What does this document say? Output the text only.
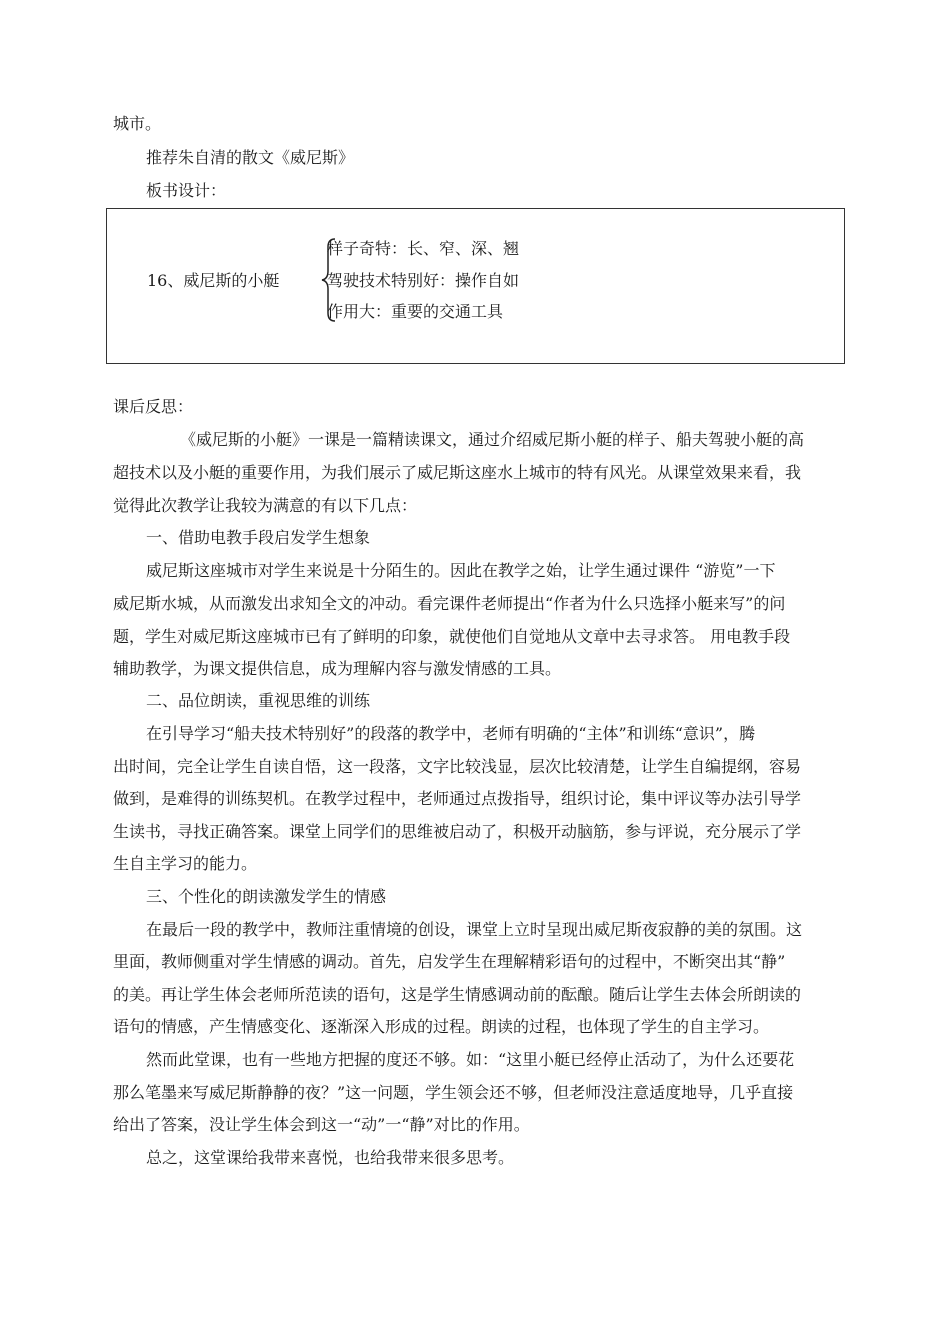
城市。
推荐朱自清的散文《威尼斯》
板书设计：
16、威尼斯的小艇
样子奇特：长、窄、深、翘
驾驶技术特别好：操作自如
作用大：重要的交通工具
课后反思：
《威尼斯的小艇》一课是一篇精读课文，通过介绍威尼斯小艇的样子、船夫驾驶小艇的高
超技术以及小艇的重要作用，为我们展示了威尼斯这座水上城市的特有风光。从课堂效果来看，我
觉得此次教学让我较为满意的有以下几点：
一、借助电教手段启发学生想象
威尼斯这座城市对学生来说是十分陌生的。因此在教学之始，让学生通过课件 “游览”一下
威尼斯水城，从而激发出求知全文的冲动。看完课件老师提出“作者为什么只选择小艇来写”的问
题，学生对威尼斯这座城市已有了鲜明的印象，就使他们自觉地从文章中去寻求答。 用电教手段
辅助教学，为课文提供信息，成为理解内容与激发情感的工具。
二、品位朗读，重视思维的训练
在引导学习“船夫技术特别好”的段落的教学中，老师有明确的“主体”和训练“意识”，腾
出时间，完全让学生自读自悟，这一段落，文字比较浅显，层次比较清楚，让学生自编提纲，容易
做到，是难得的训练契机。在教学过程中，老师通过点拨指导，组织讨论，集中评议等办法引导学
生读书，寻找正确答案。课堂上同学们的思维被启动了，积极开动脑筋，参与评说，充分展示了学
生自主学习的能力。
三、个性化的朗读激发学生的情感
在最后一段的教学中，教师注重情境的创设，课堂上立时呈现出威尼斯夜寂静的美的氛围。这
里面，教师侧重对学生情感的调动。首先，启发学生在理解精彩语句的过程中，不断突出其“静”
的美。再让学生体会老师所范读的语句，这是学生情感调动前的酝酿。随后让学生去体会所朗读的
语句的情感，产生情感变化、逐渐深入形成的过程。朗读的过程，也体现了学生的自主学习。
然而此堂课，也有一些地方把握的度还不够。如：“这里小艇已经停止活动了，为什么还要花
那么笔墨来写威尼斯静静的夜？”这一问题，学生领会还不够，但老师没注意适度地导，几乎直接
给出了答案，没让学生体会到这一“动”一“静”对比的作用。
总之，这堂课给我带来喜悦，也给我带来很多思考。
